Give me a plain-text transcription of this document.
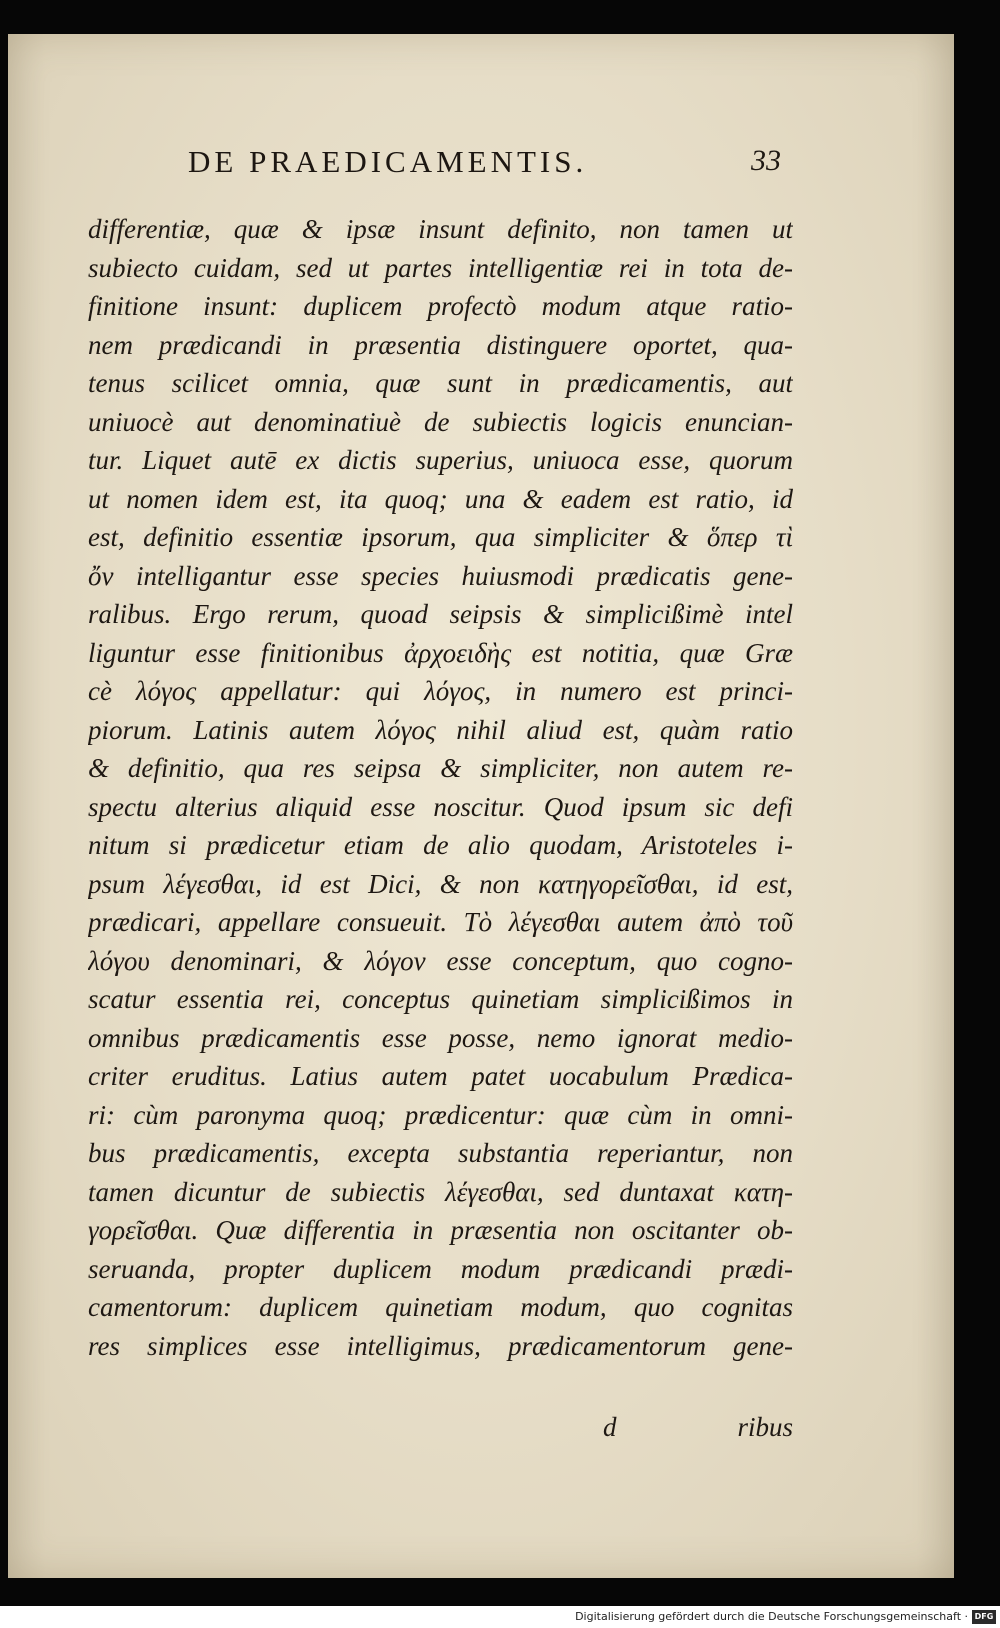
DE PRAEDICAMENTIS.	33
differentiæ, quæ & ipsæ insunt definito, non tamen ut
subiecto cuidam, sed ut partes intelligentiæ rei in tota de-
finitione insunt: duplicem profectò modum atque ratio-
nem prædicandi in præsentia distinguere oportet, qua-
tenus scilicet omnia, quæ sunt in prædicamentis, aut
uniuocè aut denominatiuè de subiectis logicis enuncian-
tur. Liquet autē ex dictis superius, uniuoca esse, quorum
ut nomen idem est, ita quoq; una & eadem est ratio, id
est, definitio essentiæ ipsorum, qua simpliciter & ὅπερ τὶ
ὄν intelligantur esse species huiusmodi prædicatis gene-
ralibus. Ergo rerum, quoad seipsis & simplicißimè intel
liguntur esse finitionibus ἀρχοειδὴς est notitia, quæ Græ
cè λόγος appellatur: qui λόγος, in numero est princi-
piorum. Latinis autem λόγος nihil aliud est, quàm ratio
& definitio, qua res seipsa & simpliciter, non autem re-
spectu alterius aliquid esse noscitur. Quod ipsum sic defi
nitum si prædicetur etiam de alio quodam, Aristoteles i-
psum λέγεσθαι, id est Dici, & non κατηγορεῖσθαι, id est,
prædicari, appellare consueuit. Τὸ λέγεσθαι autem ἀπὸ τοῦ
λόγου denominari, & λόγον esse conceptum, quo cogno-
scatur essentia rei, conceptus quinetiam simplicißimos in
omnibus prædicamentis esse posse, nemo ignorat medio-
criter eruditus. Latius autem patet uocabulum Prædica-
ri: cùm paronyma quoq; prædicentur: quæ cùm in omni-
bus prædicamentis, excepta substantia reperiantur, non
tamen dicuntur de subiectis λέγεσθαι, sed duntaxat κατη-
γορεῖσθαι. Quæ differentia in præsentia non oscitanter ob-
seruanda, propter duplicem modum prædicandi prædi-
camentorum: duplicem quinetiam modum, quo cognitas
res simplices esse intelligimus, prædicamentorum gene-
d	ribus
Digitalisierung gefördert durch die Deutsche Forschungsgemeinschaft · DFG
